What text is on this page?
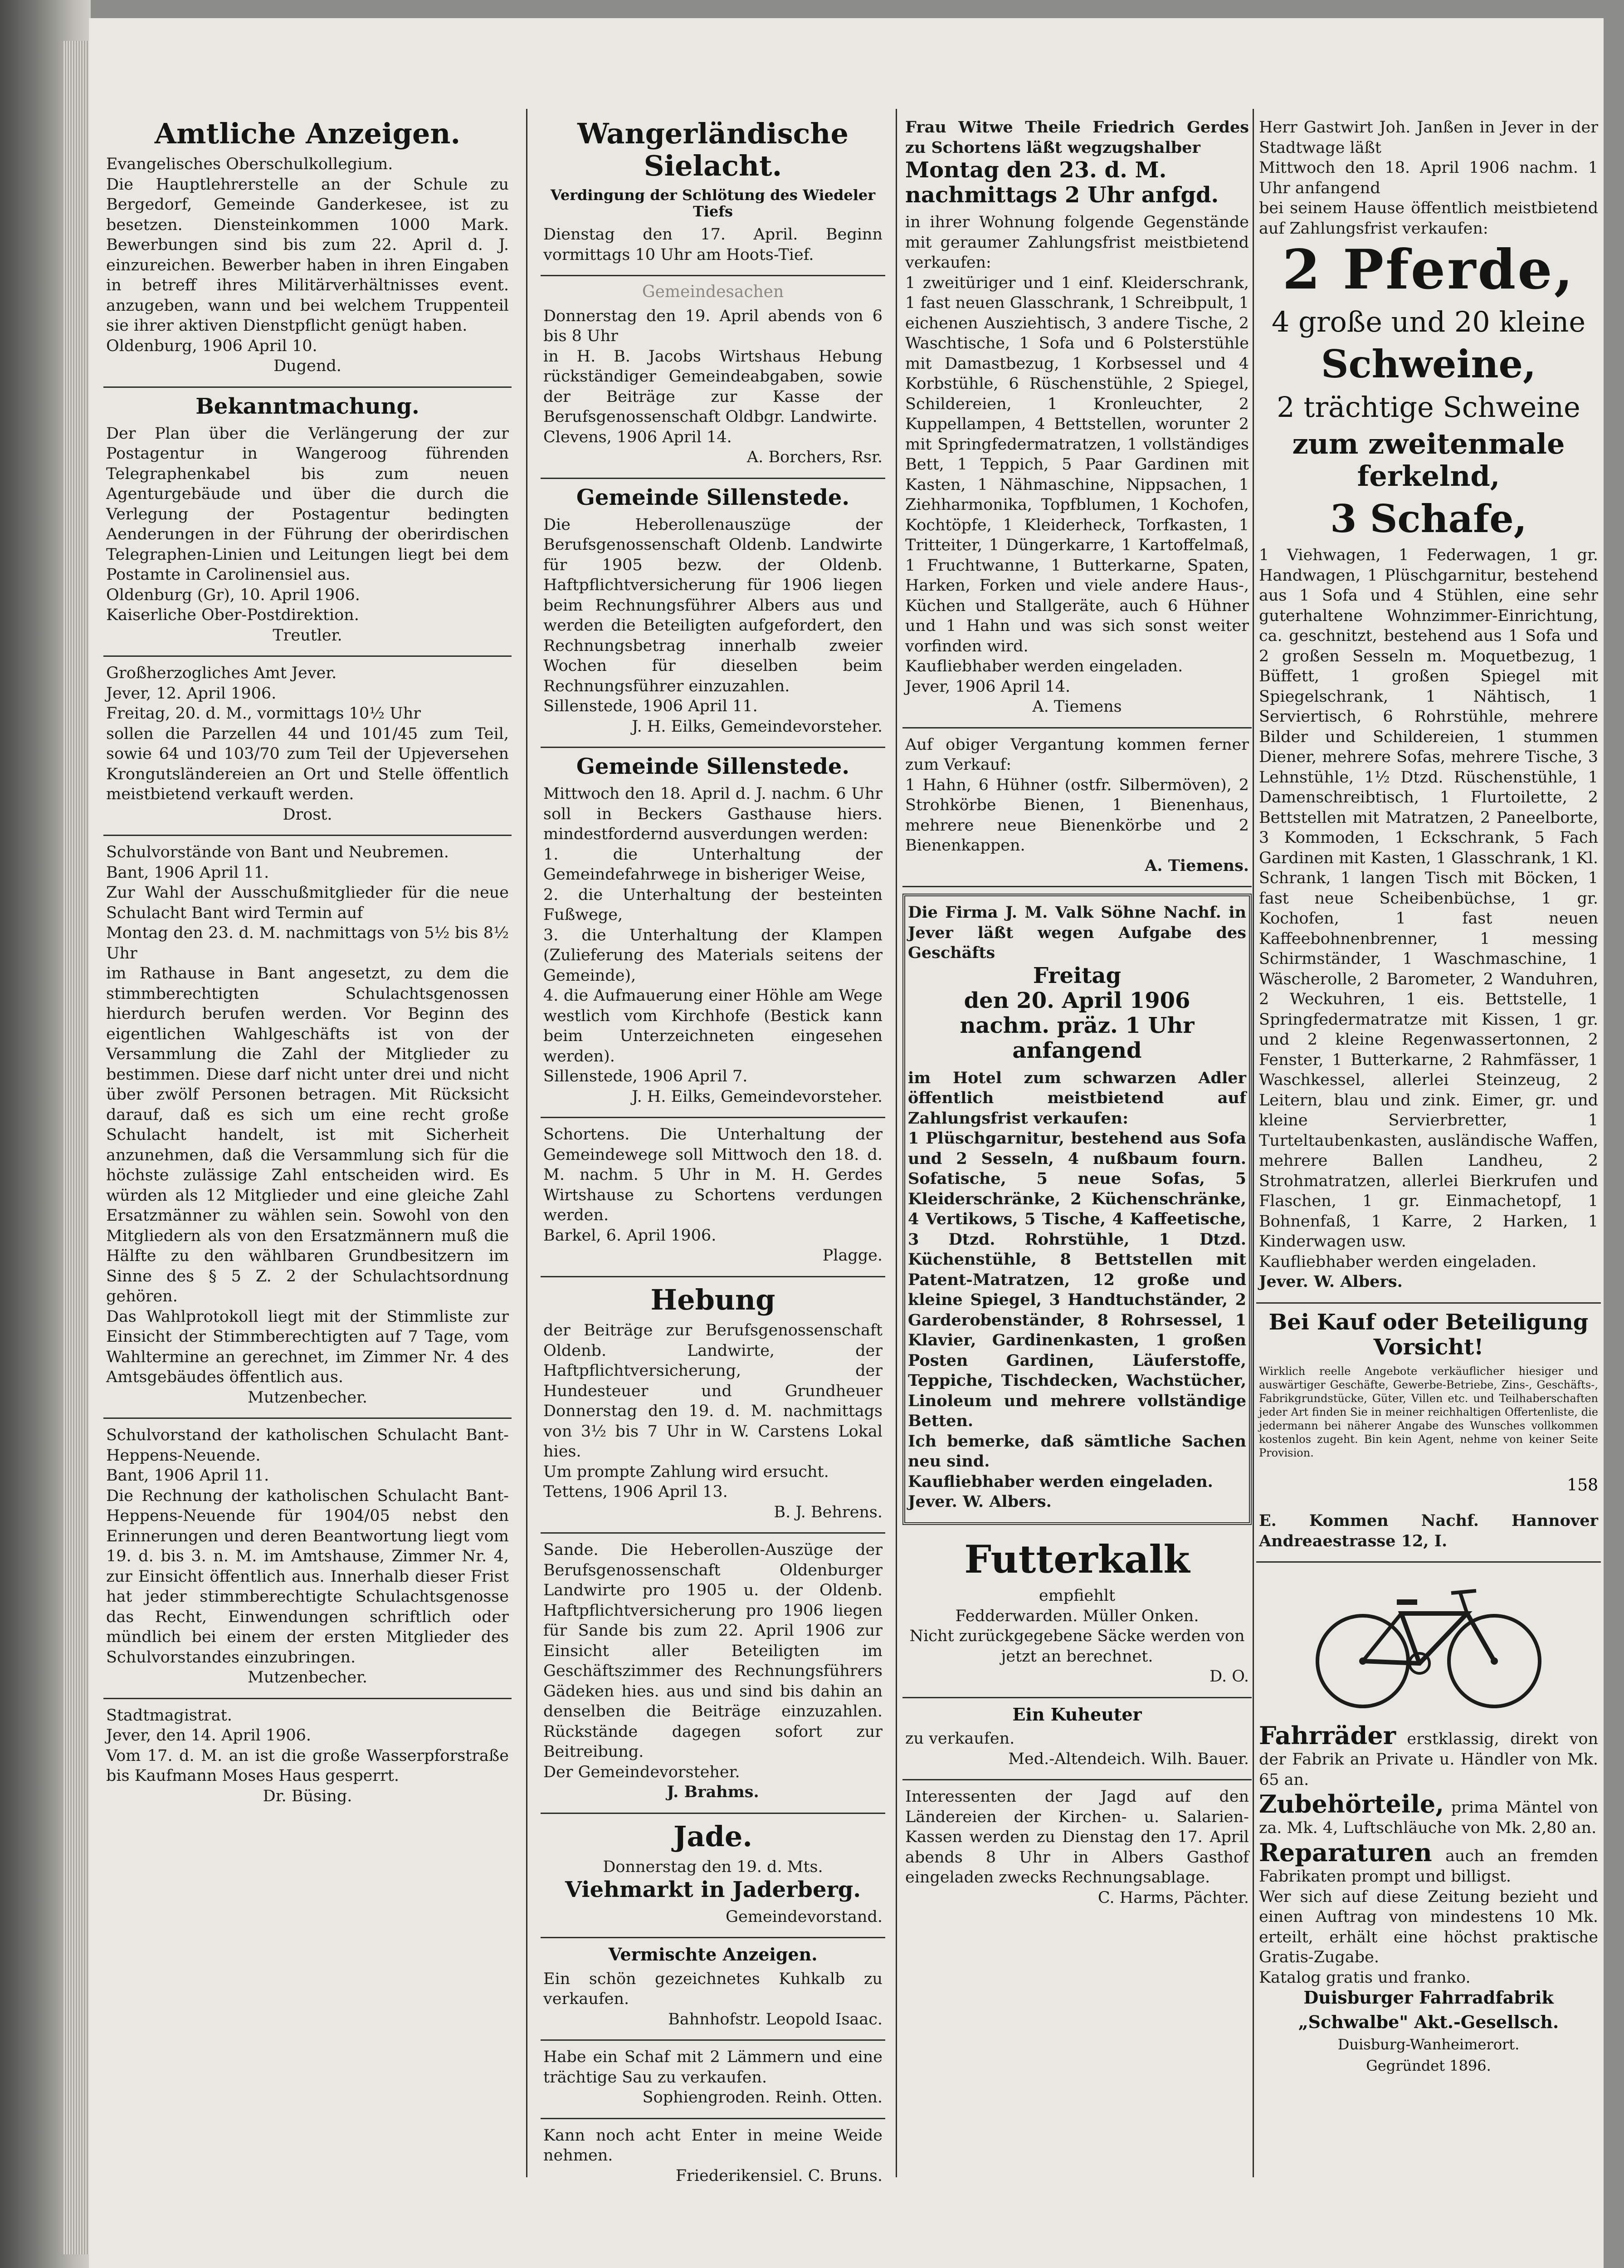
Amtliche Anzeigen.

Evangelisches Oberschulkollegium.
Die Hauptlehrerstelle an der Schule zu Bergedorf, Gemeinde Ganderkesee, ist zu besetzen. Diensteinkommen 1000 Mark. Bewerbungen sind bis zum 22. April d. J. einzureichen. Bewerber haben in ihren Eingaben in betreff ihres Militärverhältnisses event. anzugeben, wann und bei welchem Truppenteil sie ihrer aktiven Dienstpflicht genügt haben.
Oldenburg, 1906 April 10.

Dugend.

Bekanntmachung.

Der Plan über die Verlängerung der zur Postagentur in Wangeroog führenden Telegraphenkabel bis zum neuen Agenturgebäude und über die durch die Verlegung der Postagentur bedingten Aenderungen in der Führung der oberirdischen Telegraphen-Linien und Leitungen liegt bei dem Postamte in Carolinensiel aus.
Oldenburg (Gr), 10. April 1906.
Kaiserliche Ober-Postdirektion.

Treutler.

Großherzogliches Amt Jever.
Jever, 12. April 1906.
Freitag, 20. d. M., vormittags 10½ Uhr
sollen die Parzellen 44 und 101/45 zum Teil, sowie 64 und 103/70 zum Teil der Upjeversehen Krongutsländereien an Ort und Stelle öffentlich meistbietend verkauft werden.

Drost.

Schulvorstände von Bant und Neubremen.
Bant, 1906 April 11.
Zur Wahl der Ausschußmitglieder für die neue Schulacht Bant wird Termin auf
Montag den 23. d. M. nachmittags von 5½ bis 8½ Uhr
im Rathause in Bant angesetzt, zu dem die stimmberechtigten Schulachtsgenossen hierdurch berufen werden. Vor Beginn des eigentlichen Wahlgeschäfts ist von der Versammlung die Zahl der Mitglieder zu bestimmen. Diese darf nicht unter drei und nicht über zwölf Personen betragen. Mit Rücksicht darauf, daß es sich um eine recht große Schulacht handelt, ist mit Sicherheit anzunehmen, daß die Versammlung sich für die höchste zulässige Zahl entscheiden wird. Es würden als 12 Mitglieder und eine gleiche Zahl Ersatzmänner zu wählen sein. Sowohl von den Mitgliedern als von den Ersatzmännern muß die Hälfte zu den wählbaren Grundbesitzern im Sinne des § 5 Z. 2 der Schulachtsordnung gehören.
Das Wahlprotokoll liegt mit der Stimmliste zur Einsicht der Stimmberechtigten auf 7 Tage, vom Wahltermine an gerechnet, im Zimmer Nr. 4 des Amtsgebäudes öffentlich aus.

Mutzenbecher.

Schulvorstand der katholischen Schulacht Bant-Heppens-Neuende.
Bant, 1906 April 11.
Die Rechnung der katholischen Schulacht Bant-Heppens-Neuende für 1904/05 nebst den Erinnerungen und deren Beantwortung liegt vom 19. d. bis 3. n. M. im Amtshause, Zimmer Nr. 4, zur Einsicht öffentlich aus. Innerhalb dieser Frist hat jeder stimmberechtigte Schulachtsgenosse das Recht, Einwendungen schriftlich oder mündlich bei einem der ersten Mitglieder des Schulvorstandes einzubringen.

Mutzenbecher.

Stadtmagistrat.
Jever, den 14. April 1906.
Vom 17. d. M. an ist die große Wasserpforstraße bis Kaufmann Moses Haus gesperrt.

Dr. Büsing.

Wangerländische Sielacht.
Verdingung der Schlötung des Wiedeler Tiefs

Dienstag den 17. April. Beginn vormittags 10 Uhr am Hoots-Tief.

Gemeindesachen

Donnerstag den 19. April abends von 6 bis 8 Uhr
in H. B. Jacobs Wirtshaus Hebung rückständiger Gemeindeabgaben, sowie der Beiträge zur Kasse der Berufsgenossenschaft Oldbgr. Landwirte.
Clevens, 1906 April 14.

A. Borchers, Rsr.

Gemeinde Sillenstede.

Die Heberollenauszüge der Berufsgenossenschaft Oldenb. Landwirte für 1905 bezw. der Oldenb. Haftpflichtversicherung für 1906 liegen beim Rechnungsführer Albers aus und werden die Beteiligten aufgefordert, den Rechnungsbetrag innerhalb zweier Wochen für dieselben beim Rechnungsführer einzuzahlen.
Sillenstede, 1906 April 11.

J. H. Eilks, Gemeindevorsteher.

Gemeinde Sillenstede.

Mittwoch den 18. April d. J. nachm. 6 Uhr soll in Beckers Gasthause hiers. mindestfordernd ausverdungen werden:
1. die Unterhaltung der Gemeindefahrwege in bisheriger Weise,
2. die Unterhaltung der besteinten Fußwege,
3. die Unterhaltung der Klampen (Zulieferung des Materials seitens der Gemeinde),
4. die Aufmauerung einer Höhle am Wege westlich vom Kirchhofe (Bestick kann beim Unterzeichneten eingesehen werden).
Sillenstede, 1906 April 7.

J. H. Eilks, Gemeindevorsteher.

Schortens. Die Unterhaltung der Gemeindewege soll Mittwoch den 18. d. M. nachm. 5 Uhr in M. H. Gerdes Wirtshause zu Schortens verdungen werden.
Barkel, 6. April 1906.

Plagge.

Hebung

der Beiträge zur Berufsgenossenschaft Oldenb. Landwirte, der Haftpflichtversicherung, der Hundesteuer und Grundheuer Donnerstag den 19. d. M. nachmittags von 3½ bis 7 Uhr in W. Carstens Lokal hies.
Um prompte Zahlung wird ersucht.
Tettens, 1906 April 13.

B. J. Behrens.

Sande. Die Heberollen-Auszüge der Berufsgenossenschaft Oldenburger Landwirte pro 1905 u. der Oldenb. Haftpflichtversicherung pro 1906 liegen für Sande bis zum 22. April 1906 zur Einsicht aller Beteiligten im Geschäftszimmer des Rechnungsführers Gädeken hies. aus und sind bis dahin an denselben die Beiträge einzuzahlen. Rückstände dagegen sofort zur Beitreibung.
Der Gemeindevorsteher.

J. Brahms.

Jade.

Donnerstag den 19. d. Mts.

Viehmarkt in Jaderberg.

Gemeindevorstand.

Vermischte Anzeigen.

Ein schön gezeichnetes Kuhkalb zu verkaufen.

Bahnhofstr. Leopold Isaac.

Habe ein Schaf mit 2 Lämmern und eine trächtige Sau zu verkaufen.

Sophiengroden. Reinh. Otten.

Kann noch acht Enter in meine Weide nehmen.

Friederikensiel. C. Bruns.

Frau Witwe Theile Friedrich Gerdes zu Schortens läßt wegzugshalber

Montag den 23. d. M. nachmittags 2 Uhr anfgd.

in ihrer Wohnung folgende Gegenstände mit geraumer Zahlungsfrist meistbietend verkaufen:
1 zweitüriger und 1 einf. Kleiderschrank, 1 fast neuen Glasschrank, 1 Schreibpult, 1 eichenen Ausziehtisch, 3 andere Tische, 2 Waschtische, 1 Sofa und 6 Polsterstühle mit Damastbezug, 1 Korbsessel und 4 Korbstühle, 6 Rüschenstühle, 2 Spiegel, Schildereien, 1 Kronleuchter, 2 Kuppellampen, 4 Bettstellen, worunter 2 mit Springfedermatratzen, 1 vollständiges Bett, 1 Teppich, 5 Paar Gardinen mit Kasten, 1 Nähmaschine, Nippsachen, 1 Ziehharmonika, Topfblumen, 1 Kochofen, Kochtöpfe, 1 Kleiderheck, Torfkasten, 1 Tritteiter, 1 Düngerkarre, 1 Kartoffelmaß, 1 Fruchtwanne, 1 Butterkarne, Spaten, Harken, Forken und viele andere Haus-, Küchen und Stallgeräte, auch 6 Hühner und 1 Hahn und was sich sonst weiter vorfinden wird.
Kaufliebhaber werden eingeladen.
Jever, 1906 April 14.

A. Tiemens

Auf obiger Vergantung kommen ferner zum Verkauf:
1 Hahn, 6 Hühner (ostfr. Silbermöven), 2 Strohkörbe Bienen, 1 Bienenhaus, mehrere neue Bienenkörbe und 2 Bienenkappen.

A. Tiemens.

Die Firma J. M. Valk Söhne Nachf. in Jever läßt wegen Aufgabe des Geschäfts

Freitag
den 20. April 1906
nachm. präz. 1 Uhr
anfangend

im Hotel zum schwarzen Adler öffentlich meistbietend auf Zahlungsfrist verkaufen:
1 Plüschgarnitur, bestehend aus Sofa und 2 Sesseln, 4 nußbaum fourn. Sofatische, 5 neue Sofas, 5 Kleiderschränke, 2 Küchenschränke, 4 Vertikows, 5 Tische, 4 Kaffeetische, 3 Dtzd. Rohrstühle, 1 Dtzd. Küchenstühle, 8 Bettstellen mit Patent-Matratzen, 12 große und kleine Spiegel, 3 Handtuchständer, 2 Garderobenständer, 8 Rohrsessel, 1 Klavier, Gardinenkasten, 1 großen Posten Gardinen, Läuferstoffe, Teppiche, Tischdecken, Wachstücher, Linoleum und mehrere vollständige Betten.
Ich bemerke, daß sämtliche Sachen neu sind.
Kaufliebhaber werden eingeladen.

Jever. W. Albers.

Futterkalk

empfiehlt
Fedderwarden. Müller Onken.
Nicht zurückgegebene Säcke werden von jetzt an berechnet.

D. O.

Ein Kuheuter

zu verkaufen.

Med.-Altendeich. Wilh. Bauer.

Interessenten der Jagd auf den Ländereien der Kirchen- u. Salarien-Kassen werden zu Dienstag den 17. April abends 8 Uhr in Albers Gasthof eingeladen zwecks Rechnungsablage.

C. Harms, Pächter.

Herr Gastwirt Joh. Janßen in Jever in der Stadtwage läßt
Mittwoch den 18. April 1906 nachm. 1 Uhr anfangend
bei seinem Hause öffentlich meistbietend auf Zahlungsfrist verkaufen:

2 Pferde,
4 große und 20 kleine
Schweine,
2 trächtige Schweine
zum zweitenmale ferkelnd,
3 Schafe,

1 Viehwagen, 1 Federwagen, 1 gr. Handwagen, 1 Plüschgarnitur, bestehend aus 1 Sofa und 4 Stühlen, eine sehr guterhaltene Wohnzimmer-Einrichtung, ca. geschnitzt, bestehend aus 1 Sofa und 2 großen Sesseln m. Moquetbezug, 1 Büffett, 1 großen Spiegel mit Spiegelschrank, 1 Nähtisch, 1 Serviertisch, 6 Rohrstühle, mehrere Bilder und Schildereien, 1 stummen Diener, mehrere Sofas, mehrere Tische, 3 Lehnstühle, 1½ Dtzd. Rüschenstühle, 1 Damenschreibtisch, 1 Flurtoilette, 2 Bettstellen mit Matratzen, 2 Paneelborte, 3 Kommoden, 1 Eckschrank, 5 Fach Gardinen mit Kasten, 1 Glasschrank, 1 Kl. Schrank, 1 langen Tisch mit Böcken, 1 fast neue Scheibenbüchse, 1 gr. Kochofen, 1 fast neuen Kaffeebohnenbrenner, 1 messing Schirmständer, 1 Waschmaschine, 1 Wäscherolle, 2 Barometer, 2 Wanduhren, 2 Weckuhren, 1 eis. Bettstelle, 1 Springfedermatratze mit Kissen, 1 gr. und 2 kleine Regenwassertonnen, 2 Fenster, 1 Butterkarne, 2 Rahmfässer, 1 Waschkessel, allerlei Steinzeug, 2 Leitern, blau und zink. Eimer, gr. und kleine Servierbretter, 1 Turteltaubenkasten, ausländische Waffen, mehrere Ballen Landheu, 2 Strohmatratzen, allerlei Bierkrufen und Flaschen, 1 gr. Einmachetopf, 1 Bohnenfaß, 1 Karre, 2 Harken, 1 Kinderwagen usw.
Kaufliebhaber werden eingeladen.

Jever. W. Albers.

Bei Kauf oder Beteiligung
Vorsicht!

Wirklich reelle Angebote verkäuflicher hiesiger und auswärtiger Geschäfte, Gewerbe-Betriebe, Zins-, Geschäfts-, Fabrikgrundstücke, Güter, Villen etc. und Teilhaberschaften jeder Art finden Sie in meiner reichhaltigen Offertenliste, die jedermann bei näherer Angabe des Wunsches vollkommen kostenlos zugeht. Bin kein Agent, nehme von keiner Seite Provision.

158

E. Kommen Nachf. Hannover Andreaestrasse 12, I.

Fahrräder erstklassig, direkt von der Fabrik an Private u. Händler von Mk. 65 an.

Zubehörteile, prima Mäntel von za. Mk. 4, Luftschläuche von Mk. 2,80 an.

Reparaturen auch an fremden Fabrikaten prompt und billigst.
Wer sich auf diese Zeitung bezieht und einen Auftrag von mindestens 10 Mk. erteilt, erhält eine höchst praktische Gratis-Zugabe.
Katalog gratis und franko.

Duisburger Fahrradfabrik
„Schwalbe" Akt.-Gesellsch.
Duisburg-Wanheimerort.
Gegründet 1896.
